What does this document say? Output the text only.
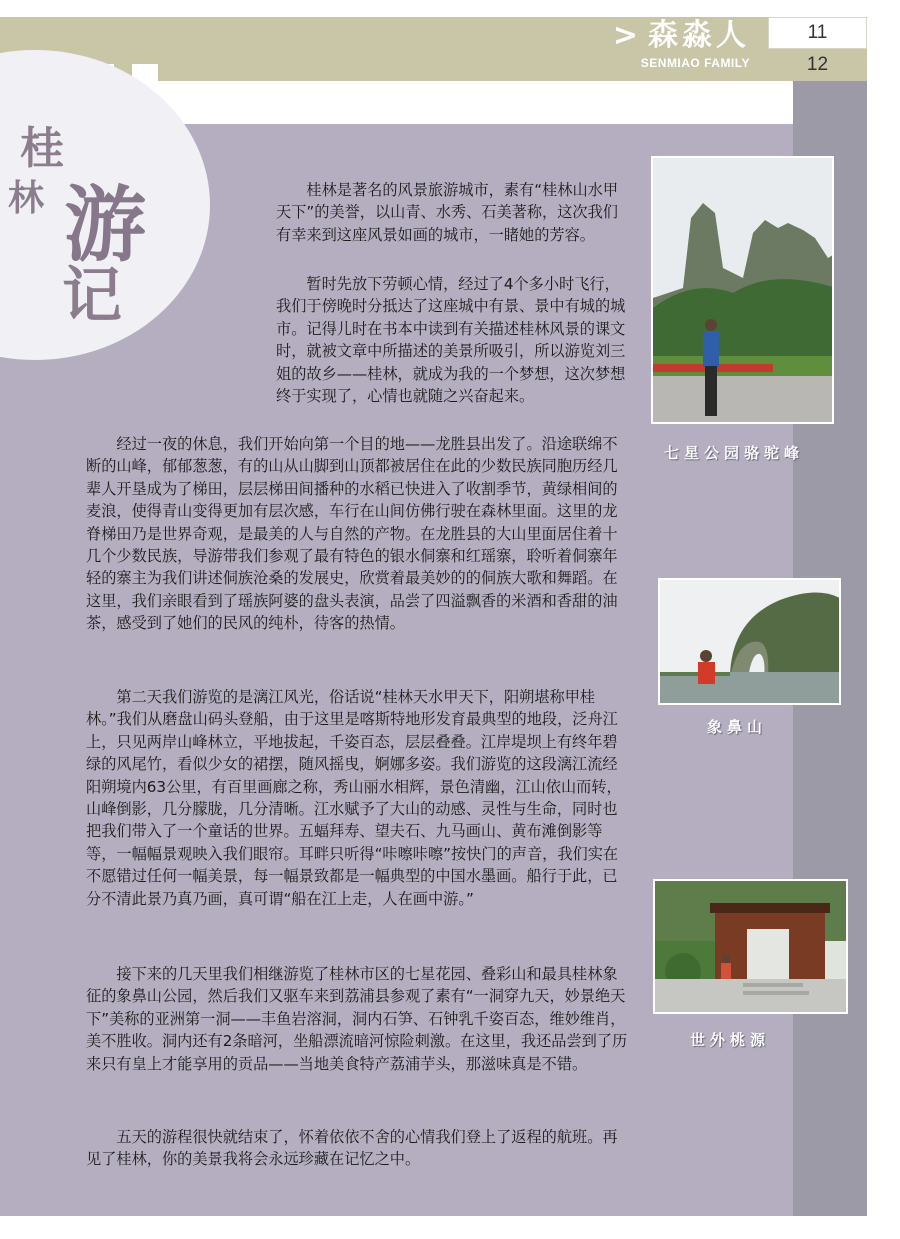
> 森淼人
SENMIAO FAMILY
11
12
桂
林 游
记

桂林是著名的风景旅游城市，素有“桂林山水甲天下”的美誉，以山青、水秀、石美著称，这次我们有幸来到这座风景如画的城市，一睹她的芳容。

暂时先放下劳顿心情，经过了4个多小时飞行，我们于傍晚时分抵达了这座城中有景、景中有城的城市。记得儿时在书本中读到有关描述桂林风景的课文时，就被文章中所描述的美景所吸引，所以游览刘三姐的故乡——桂林，就成为我的一个梦想，这次梦想终于实现了，心情也就随之兴奋起来。

经过一夜的休息，我们开始向第一个目的地——龙胜县出发了。沿途联绵不断的山峰，郁郁葱葱，有的山从山脚到山顶都被居住在此的少数民族同胞历经几辈人开垦成为了梯田，层层梯田间播种的水稻已快进入了收割季节，黄绿相间的麦浪，使得青山变得更加有层次感，车行在山间仿佛行驶在森林里面。这里的龙脊梯田乃是世界奇观，是最美的人与自然的产物。在龙胜县的大山里面居住着十几个少数民族，导游带我们参观了最有特色的银水侗寨和红瑶寨，聆听着侗寨年轻的寨主为我们讲述侗族沧桑的发展史，欣赏着最美妙的的侗族大歌和舞蹈。在这里，我们亲眼看到了瑶族阿婆的盘头表演，品尝了四溢飘香的米酒和香甜的油茶，感受到了她们的民风的纯朴，待客的热情。

第二天我们游览的是漓江风光，俗话说“桂林天水甲天下，阳朔堪称甲桂林。”我们从磨盘山码头登船，由于这里是喀斯特地形发育最典型的地段，泛舟江上，只见两岸山峰林立，平地拔起，千姿百态，层层叠叠。江岸堤坝上有终年碧绿的风尾竹，看似少女的裙摆，随风摇曳，婀娜多姿。我们游览的这段漓江流经阳朔境内63公里，有百里画廊之称，秀山丽水相辉，景色清幽，江山依山而转，山峰倒影，几分朦胧，几分清晰。江水赋予了大山的动感、灵性与生命，同时也把我们带入了一个童话的世界。五蝠拜寿、望夫石、九马画山、黄布滩倒影等等，一幅幅景观映入我们眼帘。耳畔只听得“咔嚓咔嚓”按快门的声音，我们实在不愿错过任何一幅美景，每一幅景致都是一幅典型的中国水墨画。船行于此，已分不清此景乃真乃画，真可谓“船在江上走，人在画中游。”

接下来的几天里我们相继游览了桂林市区的七星花园、叠彩山和最具桂林象征的象鼻山公园，然后我们又驱车来到荔浦县参观了素有“一洞穿九天，妙景绝天下”美称的亚洲第一洞——丰鱼岩溶洞，洞内石笋、石钟乳千姿百态，维妙维肖，美不胜收。洞内还有2条暗河，坐船漂流暗河惊险刺激。在这里，我还品尝到了历来只有皇上才能享用的贡品——当地美食特产荔浦芋头，那滋味真是不错。

五天的游程很快就结束了，怀着依依不舍的心情我们登上了返程的航班。再见了桂林，你的美景我将会永远珍藏在记忆之中。

七星公园骆驼峰
象鼻山
世外桃源
